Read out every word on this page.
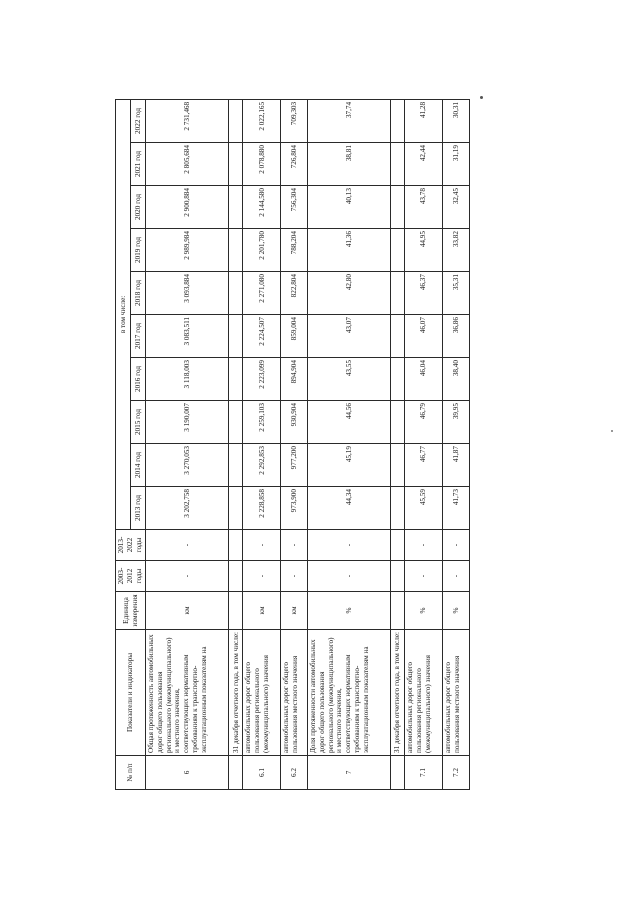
№ п/п	Показатели и индикаторы	Единица измерения	2003-2012 годы	2013-2022 годы	в том числе:									
					2013 год	2014 год	2015 год	2016 год	2017 год	2018 год	2019 год	2020 год	2021 год	2022 год
6	Общая протяженность автомобильных дорог общего пользования регионального (межмуниципального) и местного значения, соответствующих нормативным требованиям к транспортно-эксплуатационным показателям на	км	-	-	3 202,758	3 270,053	3 190,007	3 118,003	3 083,511	3 093,884	2 989,984	2 900,884	2 805,684	2 731,468
	31 декабря отчетного года, в том числе:													
6.1	автомобильных дорог общего пользования регионального (межмуниципального) значения	км	-	-	2 228,858	2 292,853	2 259,103	2 223,099	2 224,507	2 271,080	2 201,780	2 144,580	2 078,880	2 022,165
6.2	автомобильных дорог общего пользования местного значения	км	-	-	973,900	977,200	930,904	894,904	859,004	822,804	788,204	756,304	726,804	709,303
7	Доля протяженности автомобильных дорог общего пользования регионального (межмуниципального) и местного значения, соответствующих нормативным требованиям к транспортно-эксплуатационным показателям на	%	-	-	44,34	45,19	44,56	43,55	43,07	42,80	41,36	40,13	38,81	37,74
	31 декабря отчетного года, в том числе:													
7.1	автомобильных дорог общего пользования регионального (межмуниципального) значения	%	-	-	45,59	46,77	46,79	46,04	46,07	46,37	44,95	43,78	42,44	41,28
7.2	автомобильных дорог общего пользования местного значения	%	-	-	41,73	41,87	39,95	38,40	36,86	35,31	33,82	32,45	31,19	30,31
